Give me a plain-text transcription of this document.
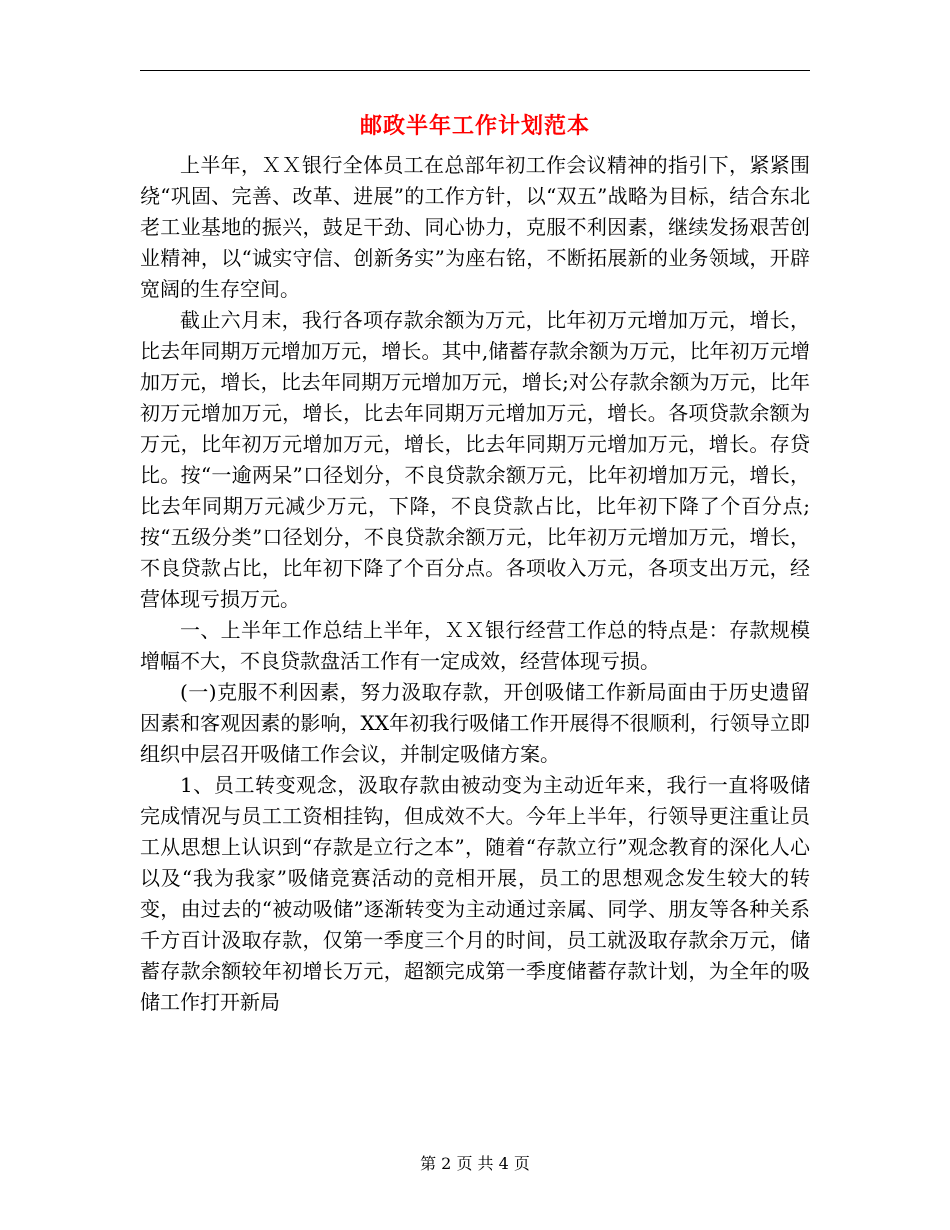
邮政半年工作计划范本

上半年，ＸＸ银行全体员工在总部年初工作会议精神的指引下，紧紧围绕“巩固、完善、改革、进展”的工作方针，以“双五”战略为目标，结合东北老工业基地的振兴，鼓足干劲、同心协力，克服不利因素，继续发扬艰苦创业精神，以“诚实守信、创新务实”为座右铭，不断拓展新的业务领域，开辟宽阔的生存空间。

截止六月末，我行各项存款余额为万元，比年初万元增加万元，增长，比去年同期万元增加万元，增长。其中,储蓄存款余额为万元，比年初万元增加万元，增长，比去年同期万元增加万元，增长;对公存款余额为万元，比年初万元增加万元，增长，比去年同期万元增加万元，增长。各项贷款余额为万元，比年初万元增加万元，增长，比去年同期万元增加万元，增长。存贷比。按“一逾两呆”口径划分，不良贷款余额万元，比年初增加万元，增长，比去年同期万元减少万元，下降，不良贷款占比，比年初下降了个百分点;按“五级分类”口径划分，不良贷款余额万元，比年初万元增加万元，增长，不良贷款占比，比年初下降了个百分点。各项收入万元，各项支出万元，经营体现亏损万元。

一、上半年工作总结上半年，ＸＸ银行经营工作总的特点是：存款规模增幅不大，不良贷款盘活工作有一定成效，经营体现亏损。

(一)克服不利因素，努力汲取存款，开创吸储工作新局面由于历史遗留因素和客观因素的影响，XX年初我行吸储工作开展得不很顺利，行领导立即组织中层召开吸储工作会议，并制定吸储方案。

1、员工转变观念，汲取存款由被动变为主动近年来，我行一直将吸储完成情况与员工工资相挂钩，但成效不大。今年上半年，行领导更注重让员工从思想上认识到“存款是立行之本”，随着“存款立行”观念教育的深化人心以及“我为我家”吸储竞赛活动的竞相开展，员工的思想观念发生较大的转变，由过去的“被动吸储”逐渐转变为主动通过亲属、同学、朋友等各种关系千方百计汲取存款，仅第一季度三个月的时间，员工就汲取存款余万元，储蓄存款余额较年初增长万元，超额完成第一季度储蓄存款计划，为全年的吸储工作打开新局

第 2 页 共 4 页
